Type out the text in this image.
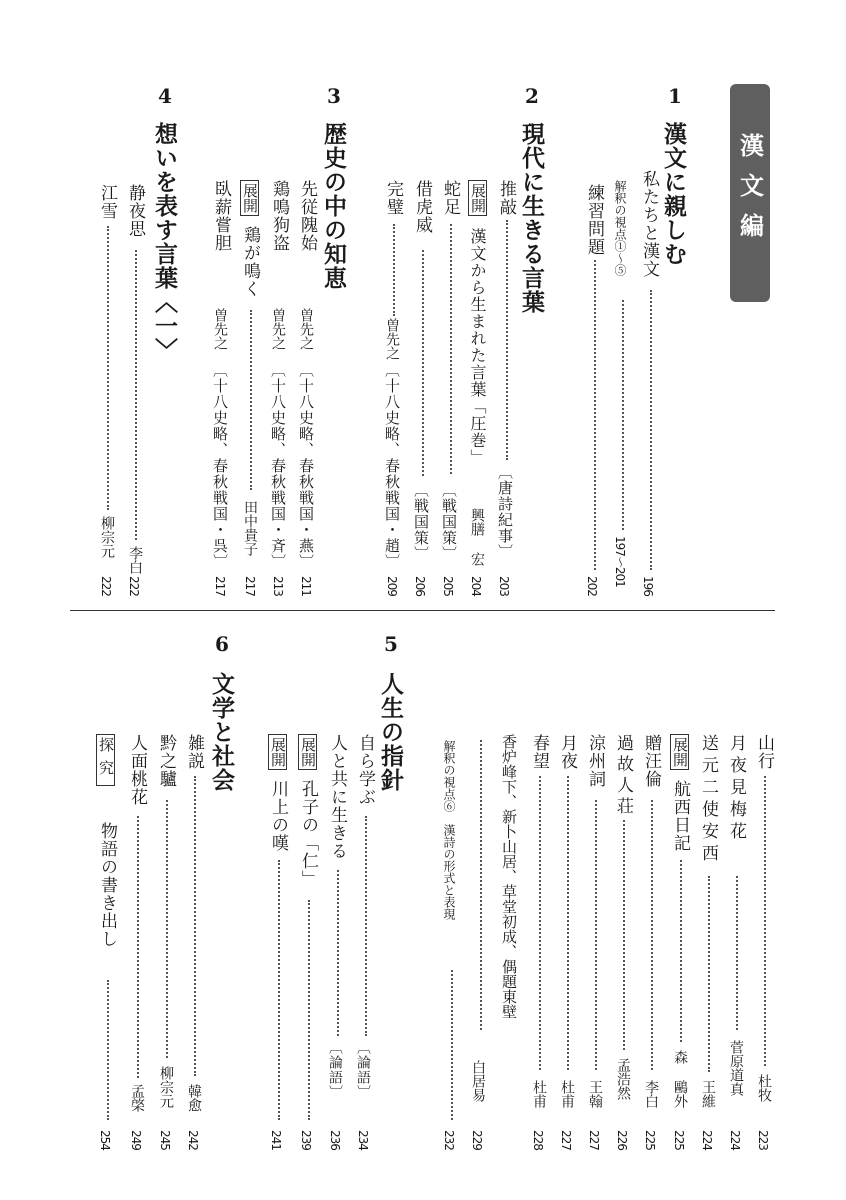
漢文編
1
漢文に親しむ
私たちと漢文
196
解釈の視点①〜⑤
197〜201
練習問題
202
2
現代に生きる言葉
推敲
〔唐詩紀事〕
203
展開
漢文から生まれた言葉「圧巻」
興膳 宏
204
蛇足
〔戦国策〕
205
借虎威
〔戦国策〕
206
完璧
曽先之
〔十八史略、春秋戦国・趙〕
209
3
歴史の中の知恵
先従隗始
曽先之
〔十八史略、春秋戦国・燕〕
211
鶏鳴狗盗
曽先之
〔十八史略、春秋戦国・斉〕
213
展開
鶏が鳴く
田中貴子
217
臥薪嘗胆
曽先之
〔十八史略、春秋戦国・呉〕
217
4
想いを表す言葉〈一〉
静夜思
李白
222
江雪
柳宗元
222
山行
杜牧
223
月夜見梅花
菅原道真
224
送元二使安西
王維
224
展開
航西日記
森 鷗外
225
贈汪倫
李白
225
過故人荘
孟浩然
226
涼州詞
王翰
227
月夜
杜甫
227
春望
杜甫
228
香炉峰下、新卜山居、草堂初成、偶題東壁
白居易
229
解釈の視点⑥　漢詩の形式と表現
232
5
人生の指針
自ら学ぶ
〔論語〕
234
人と共に生きる
〔論語〕
236
展開
孔子の「仁」
239
展開
川上の嘆
241
6
文学と社会
雑説
韓愈
242
黔之驢
柳宗元
245
人面桃花
孟棨
249
探究
物語の書き出し
254
